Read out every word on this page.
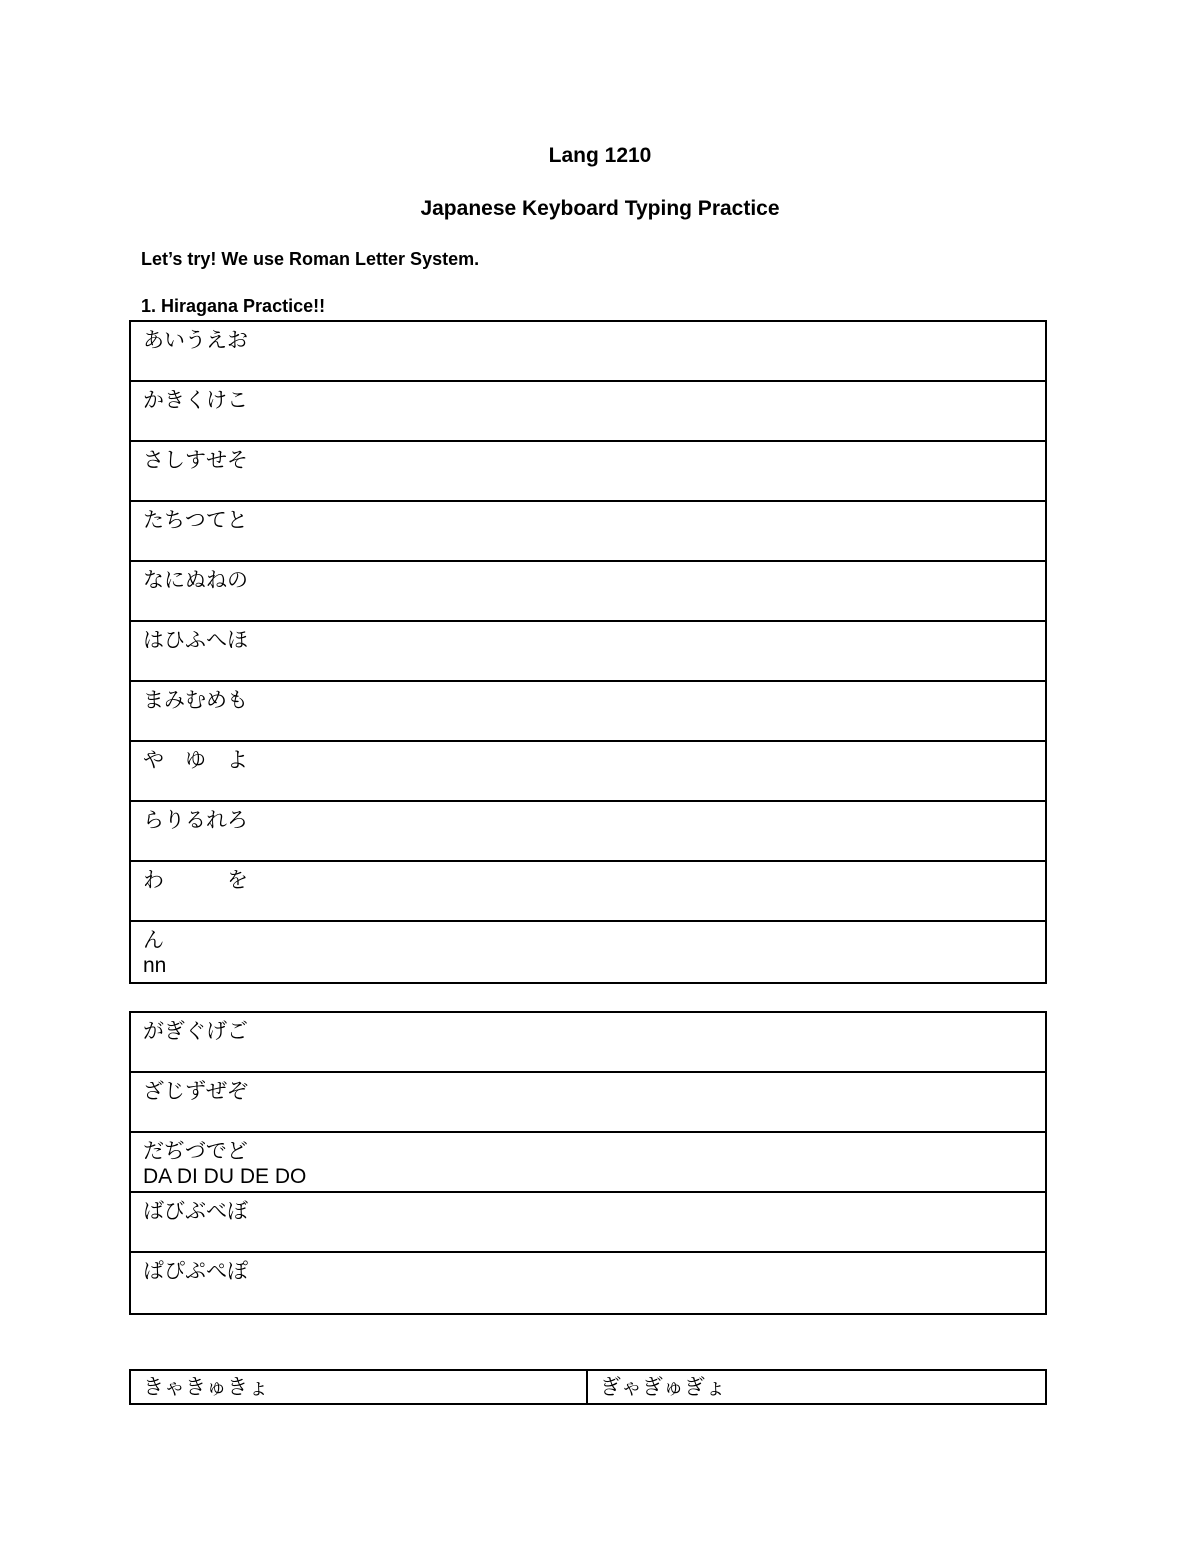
Lang 1210
Japanese Keyboard Typing Practice
Let’s try! We use Roman Letter System.
1. Hiragana Practice!!
あいうえお
かきくけこ
さしすせそ
たちつてと
なにぬねの
はひふへほ
まみむめも
や　ゆ　よ
らりるれろ
わ　　　を
ん
nn
がぎぐげご
ざじずぜぞ
だぢづでど
DA DI DU DE DO
ばびぶべぼ
ぱぴぷぺぽ
きゃきゅきょ	ぎゃぎゅぎょ
